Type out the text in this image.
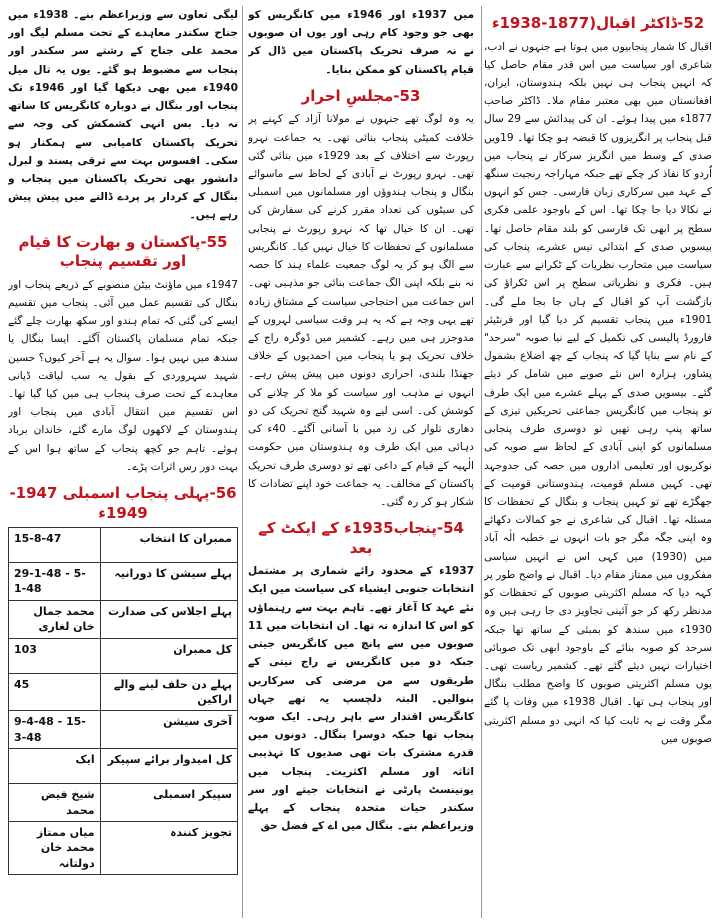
52-ڈاکٹر اقبال(1877-1938ء

اقبال کا شمار پنجابیوں میں ہوتا ہے جنہوں نے ادب، شاعری اور سیاست میں اس قدر مقام حاصل کیا کہ انہیں پنجاب ہی نہیں بلکہ ہندوستان، ایران، افغانستان میں بھی معتبر مقام ملا۔ ڈاکٹر صاحب 1877ء میں پیدا ہوئے۔ ان کی پیدائش سے 29 سال قبل پنجاب پر انگریزوں کا قبضہ ہو چکا تھا۔ 19ویں صدی کے وسط میں انگریز سرکار نے پنجاب میں اُردو کا نفاذ کر چکے تھے جبکہ مہاراجہ رنجیت سنگھ کے عہد میں سرکاری زبان فارسی۔ جس کو انہوں نے نکالا دیا جا چکا تھا۔ اس کے باوجود علمی فکری سطح پر ابھی تک فارسی کو بلند مقام حاصل تھا۔ بیسویں صدی کے ابتدائی تیس عشرے، پنجاب کی سیاست میں متحارب نظریات کے ٹکرانے سے عبارت ہیں۔ فکری و نظریاتی سطح پر اس ٹکراؤ کی بازگشت آپ کو اقبال کے ہاں جا بجا ملے گی۔ 1901ء میں پنجاب تقسیم کر دیا گیا اور فرنٹیئر فارورڈ پالیسی کی تکمیل کے لیے نیا صوبہ "سرحد" کے نام سے بنایا گیا کہ پنجاب کے چھ اضلاع بشمول پشاور، ہزارہ اس نئے صوبے میں شامل کر دیئے گئے۔ بیسویں صدی کے پہلے عشرے میں ایک طرف تو پنجاب میں کانگریس جماعتی تحریکیں تیزی کے ساتھ پنپ رہی تھیں تو دوسری طرف پنجابی مسلمانوں کو اپنی آبادی کے لحاظ سے صوبہ کی نوکریوں اور تعلیمی اداروں میں حصہ کی جدوجہد تھی۔ کہیں مسلم قومیت، ہندوستانی قومیت کے جھگڑے تھے تو کہیں پنجاب و بنگال کے تحفظات کا مسئلہ تھا۔ اقبال کی شاعری نے جو کمالات دکھائے وہ اپنی جگہ مگر جو بات انہوں نے خطبہ الٰہ آباد میں (1930) میں کہی اس نے انہیں سیاسی مفکروں میں ممتاز مقام دیا۔ اقبال نے واضح طور پر کہہ دیا کہ مسلم اکثریتی صوبوں کے تحفظات کو مدنظر رکھ کر جو آئینی تجاویز دی جا رہی ہیں وہ 1930ء میں سندھ کو بمبئی کے ساتھ تھا جبکہ سرحد کو صوبہ بنائے کے باوجود ابھی تک صوبائی اختیارات نہیں دیئے گئے تھے۔ کشمیر ریاست تھی۔ یوں مسلم اکثریتی صوبوں کا واضح مطلب بنگال اور پنجاب ہی تھا۔ اقبال 1938ء میں وفات پا گئے مگر وقت نے یہ ثابت کیا کہ انہی دو مسلم اکثریتی صوبوں میں

میں 1937ء اور 1946ء میں کانگریس کو بھی جو وجود کام رہی اور یوں ان صوبوں نے نہ صرف تحریک پاکستان میں ڈال کر قیام پاکستان کو ممکن بنایا۔

53-مجلسِ احرار

یہ وہ لوگ تھے جنہوں نے مولانا آزاد کے کہنے پر خلافت کمیٹی پنجاب بنائی تھی۔ یہ جماعت نہرو رپورٹ سے اختلاف کے بعد 1929ء میں بنائی گئی تھی۔ نہرو رپورٹ نے آبادی کے لحاظ سے ماسوائے بنگال و پنجاب ہندوؤں اور مسلمانوں میں اسمبلی کی سیٹوں کی تعداد مقرر کرنے کی سفارش کی تھی۔ ان کا خیال تھا کہ نہرو رپورٹ نے پنجابی مسلمانوں کے تحفظات کا خیال نہیں کیا۔ کانگریس سے الگ ہو کر یہ لوگ جمعیت علماء ہند کا حصہ نہ بنے بلکہ اپنی الگ جماعت بنائی جو مذہبی تھی۔ اس جماعت میں احتجاجی سیاست کے مشتاق زیادہ تھے یہی وجہ ہے کہ یہ ہر وقت سیاسی لہروں کے مدوجزر ہی میں رہے۔ کشمیر میں ڈوگرہ راج کے خلاف تحریک ہو یا پنجاب میں احمدیوں کے خلاف جھنڈا بلندی، احراری دونوں میں پیش پیش رہے۔ انہوں نے مذہب اور سیاست کو ملا کر چلانے کی کوشش کی۔ اسی لیے وہ شہید گنج تحریک کی دو دھاری تلوار کی زد میں با آسانی آگئے۔ 40ء کی دہائی میں ایک طرف وہ ہندوستان میں حکومت الٰہیہ کے قیام کے داعی تھے تو دوسری طرف تحریک پاکستان کے مخالف۔ یہ جماعت خود اپنے تضادات کا شکار ہو کر رہ گئی۔

54-پنجاب1935ء کے ایکٹ کے بعد

1937ء کے محدود رائے شماری پر مشتمل انتخابات جنوبی ایشیاء کی سیاست میں ایک نئے عہد کا آغاز تھے۔ تاہم بہت سے رہنماؤں کو اس کا اندازہ نہ تھا۔ ان انتخابات میں 11 صوبوں میں سے پانچ میں کانگریس جیتی جبکہ دو میں کانگریس نے راج نیتی کے طریقوں سے من مرضی کی سرکاریں بنوالیں۔ البتہ دلچسپ یہ تھے جہاں کانگریس اقتدار سے باہر رہی۔ ایک صوبہ پنجاب تھا جبکہ دوسرا بنگال۔ دونوں میں قدرے مشترک بات تھی صدیوں کا تہذیبی اثاثہ اور مسلم اکثریت۔ پنجاب میں یونینسٹ پارٹی نے انتخابات جیتے اور سر سکندر حیات متحدہ پنجاب کے پہلے وزیراعظم بنے۔ بنگال میں اے کے فضل حق

لیگی تعاون سے وزیراعظم بنے۔ 1938ء میں جناح سکندر معاہدے کے تحت مسلم لیگ اور محمد علی جناح کے رشتے سر سکندر اور پنجاب سے مضبوط ہو گئے۔ یوں یہ تال میل 1940ء میں بھی دیکھا گیا اور 1946ء تک پنجاب اور بنگال نے دوبارہ کانگریس کا ساتھ نہ دیا۔ بس انہی کشمکش کی وجہ سے تحریک پاکستان کامیابی سے ہمکنار ہو سکی۔ افسوس بہت سے ترقی پسند و لبرل دانشور بھی تحریک پاکستان میں پنجاب و بنگال کے کردار پر پردے ڈالنے میں پیش پیش رہے ہیں۔

55-پاکستان و بھارت کا قیام اور تقسیم پنجاب

1947ء میں ماؤنٹ بیٹن منصوبے کے ذریعے پنجاب اور بنگال کی تقسیم عمل میں آئی۔ پنجاب میں تقسیم ایسے کی گئی کہ تمام ہندو اور سکھ بھارت چلے گئے جبکہ تمام مسلمان پاکستان آگئے۔ ایسا بنگال یا سندھ میں نہیں ہوا۔ سوال یہ ہے آخر کیوں؟ حسین شہید سہروردی کے بقول یہ سب لیاقت ڈیانی معاہدے کے تحت صرف پنجاب ہی میں کیا گیا تھا۔ اس تقسیم میں انتقال آبادی میں پنجاب اور ہندوستان کے لاکھوں لوگ مارے گئے، خاندان برباد ہوئے۔ تاہم جو کچھ پنجاب کے ساتھ ہوا اس کے بہت دور رس اثرات پڑے۔

56-پہلی پنجاب اسمبلی 1947-1949ء
ممبران کا انتخاب	15-8-47
پہلے سیشن کا دورانیہ	29-1-48 - 5-1-48
پہلے اجلاس کی صدارت	محمد جمال خان لغاری
کل ممبران	103
پہلے دن حلف لینے والے اراکین	45
آخری سیشن	9-4-48 - 15-3-48
کل امیدوار برائے سپیکر	ایک
سپیکر اسمبلی	شیخ فیض محمد
تجویز کنندہ	میاں ممتاز محمد خان دولتانہ
